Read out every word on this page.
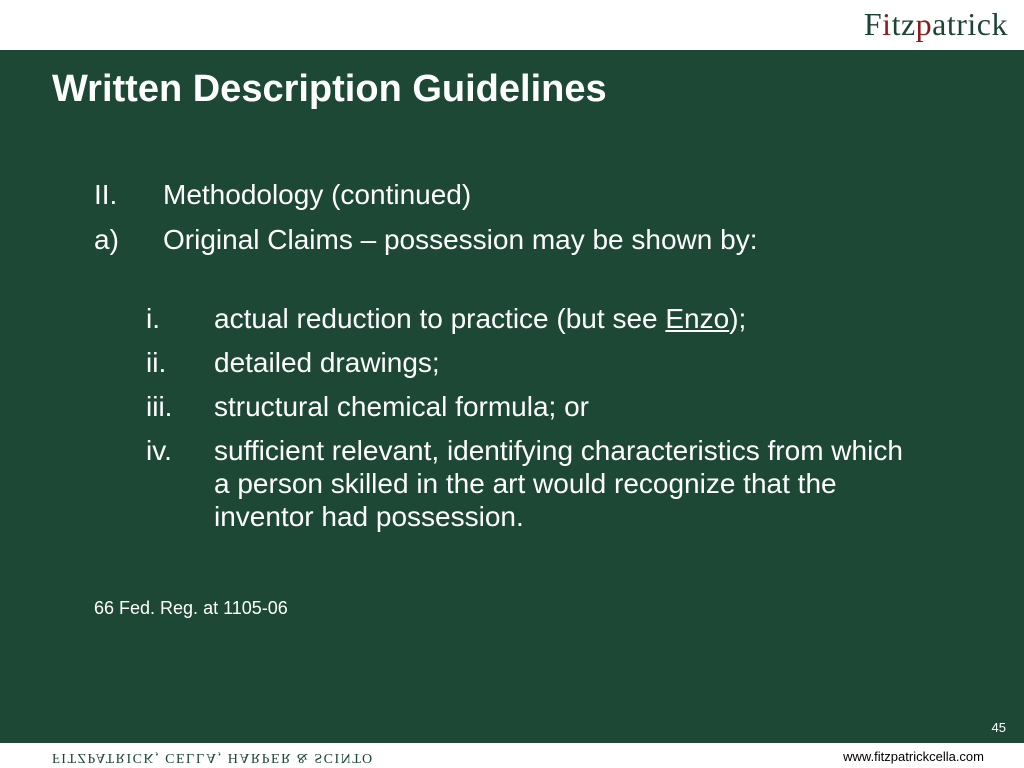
Fitzpatrick
Written Description Guidelines
II. Methodology (continued)
a) Original Claims – possession may be shown by:
i. actual reduction to practice (but see Enzo);
ii. detailed drawings;
iii. structural chemical formula; or
iv. sufficient relevant, identifying characteristics from which a person skilled in the art would recognize that the inventor had possession.
66 Fed. Reg. at 1105-06
45
FITZPATRICK, CELLA, HARPER & SCINTO	www.fitzpatrickcella.com
